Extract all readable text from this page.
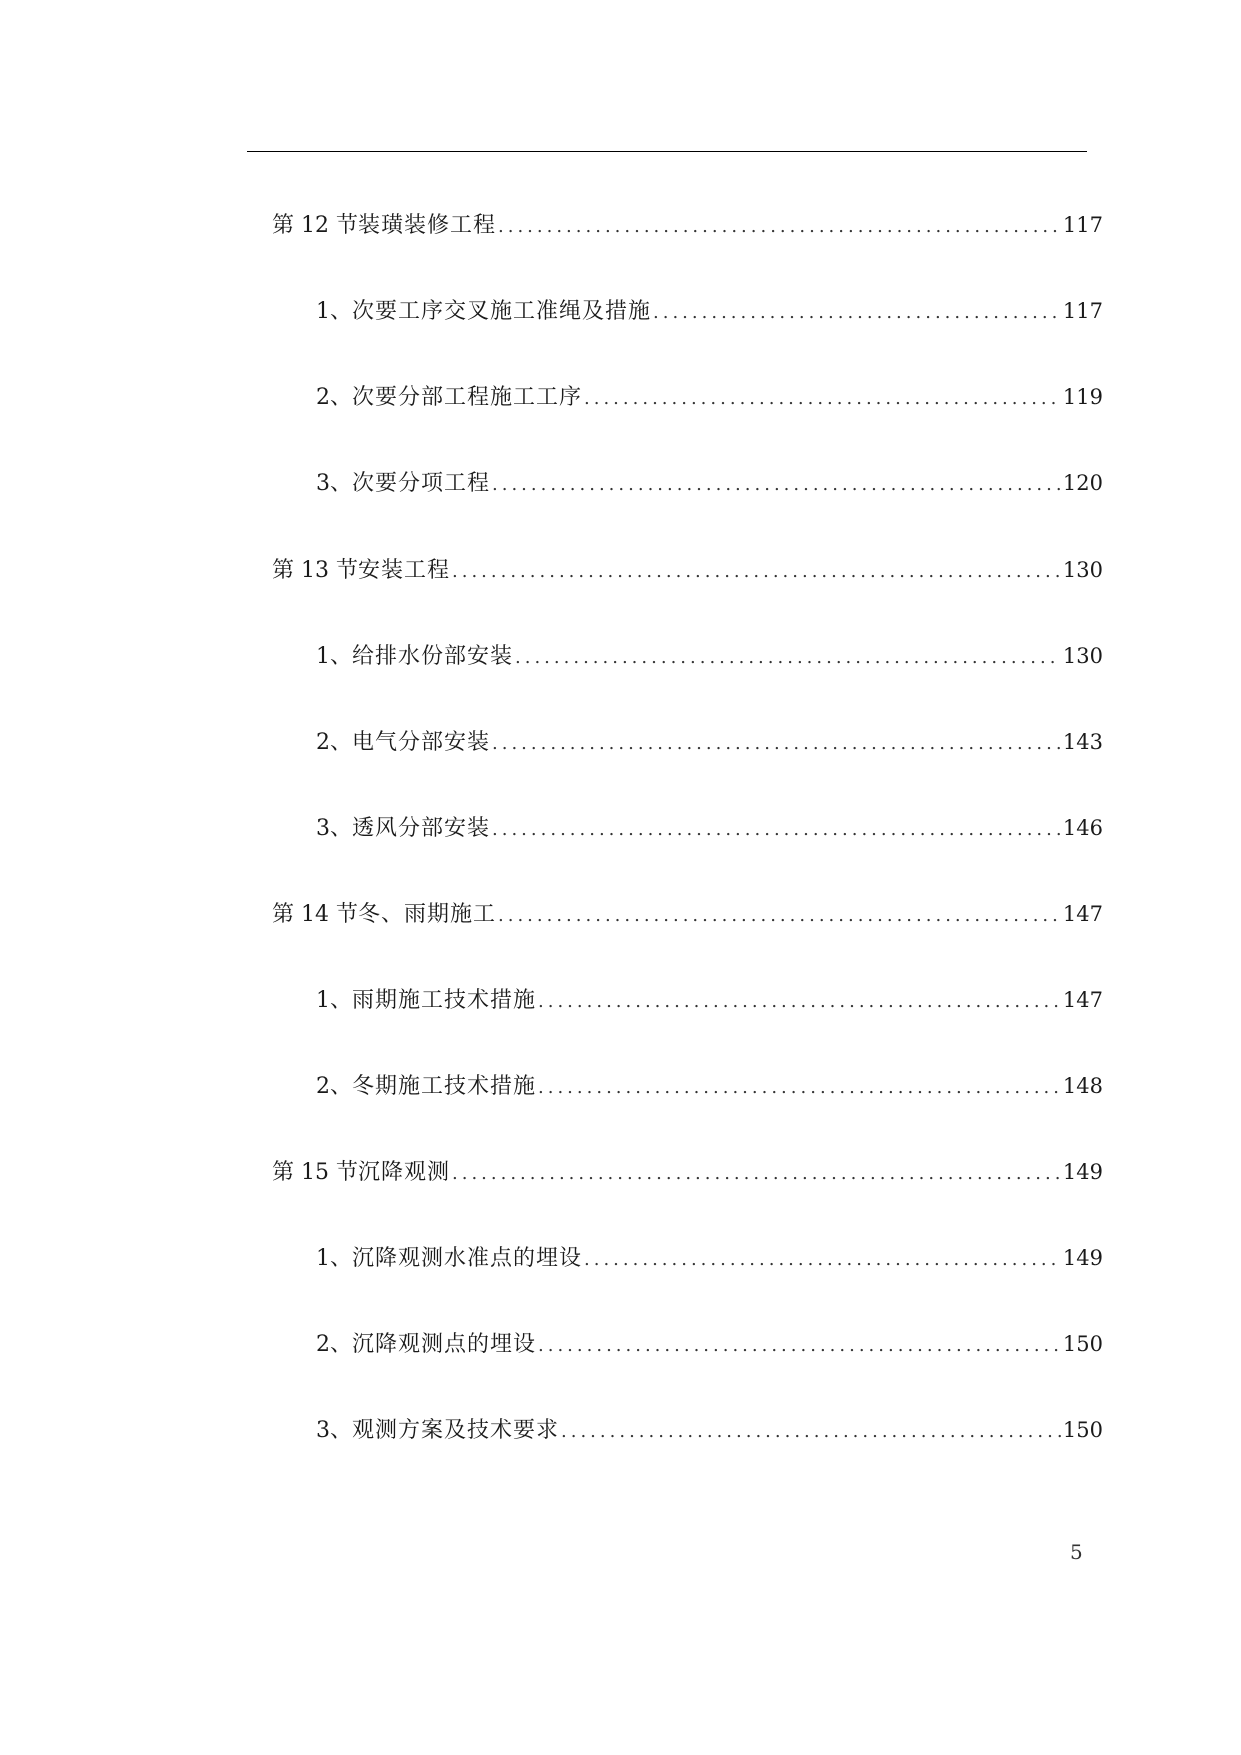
第 12 节 装璜装修工程 .....	117
1、 次要工序交叉施工准绳及措施 .....	117
2、 次要分部工程施工工序 .....	119
3、 次要分项工程 .....	120
第 13 节 安装工程 .....	130
1、 给排水份部安装 .....	130
2、 电气分部安装 .....	143
3、 透风分部安装 .....	146
第 14 节 冬、雨期施工 .....	147
1、 雨期施工技术措施 .....	147
2、 冬期施工技术措施 .....	148
第 15 节 沉降观测 .....	149
1、 沉降观测水准点的埋设 .....	149
2、 沉降观测点的埋设 .....	150
3、 观测方案及技术要求 .....	150
5
